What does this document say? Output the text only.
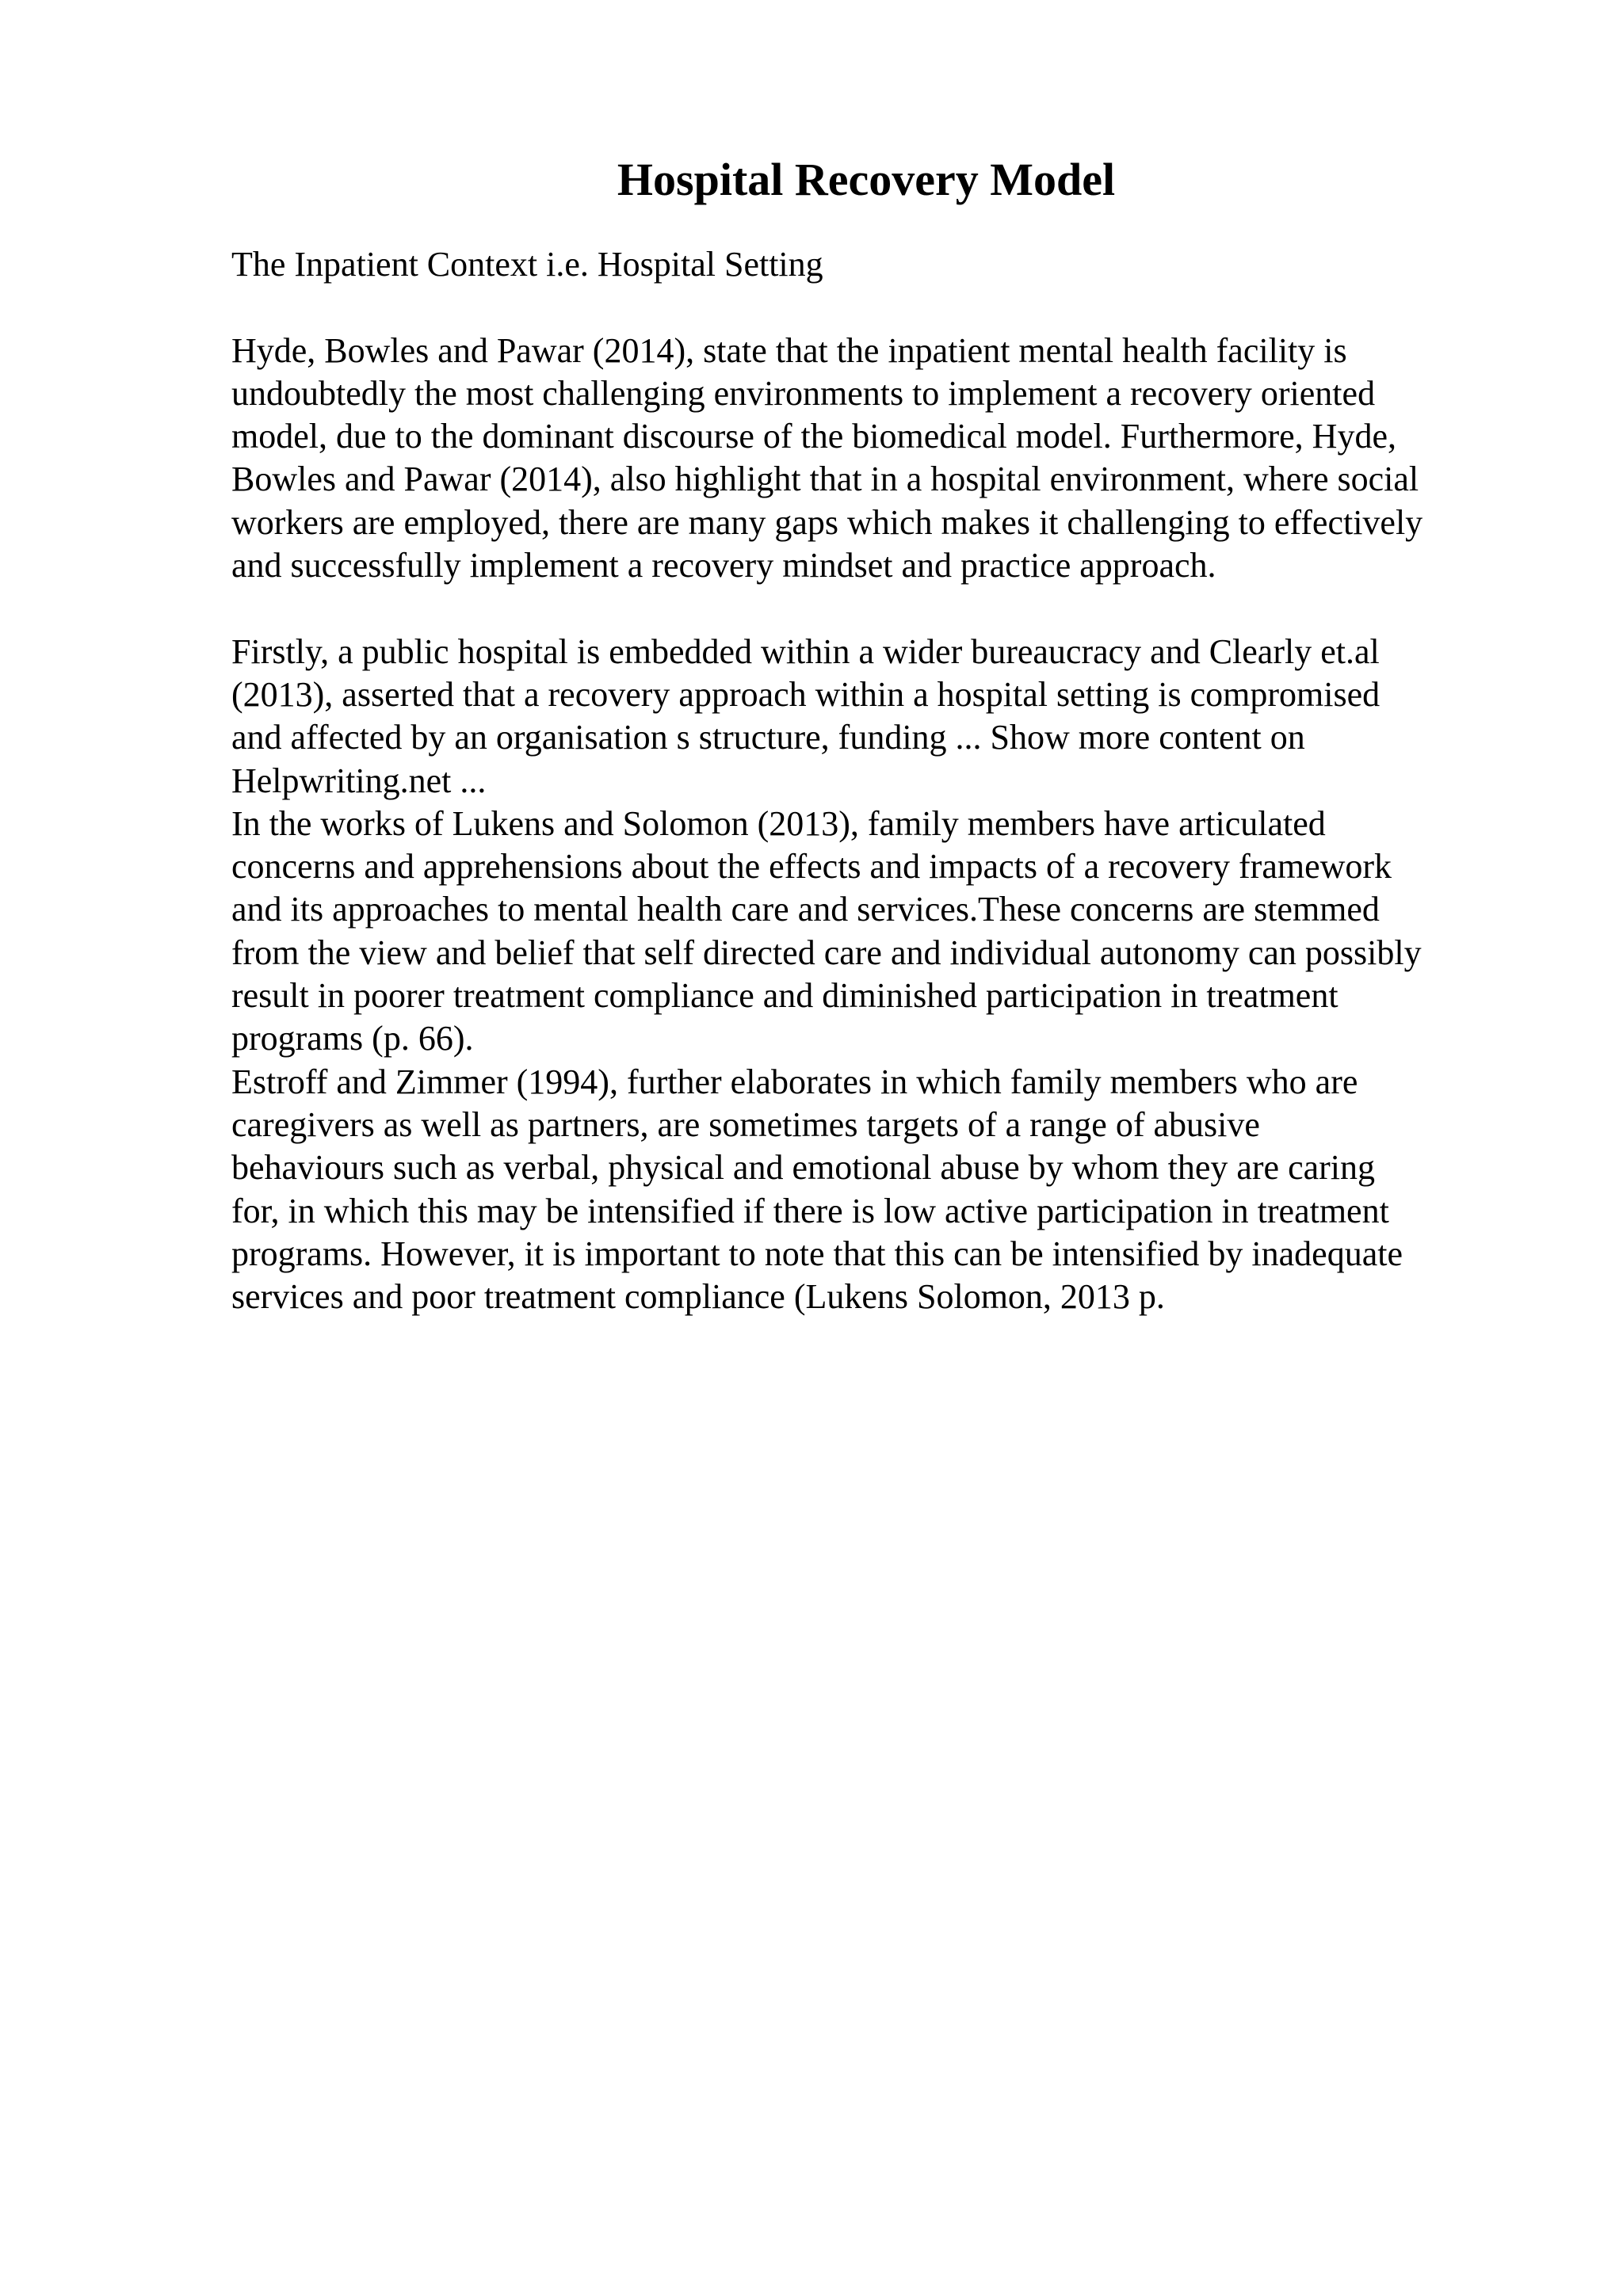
Hospital Recovery Model
The Inpatient Context i.e. Hospital Setting
Hyde, Bowles and Pawar (2014), state that the inpatient mental health facility is
undoubtedly the most challenging environments to implement a recovery oriented
model, due to the dominant discourse of the biomedical model. Furthermore, Hyde,
Bowles and Pawar (2014), also highlight that in a hospital environment, where social
workers are employed, there are many gaps which makes it challenging to effectively
and successfully implement a recovery mindset and practice approach.
Firstly, a public hospital is embedded within a wider bureaucracy and Clearly et.al
(2013), asserted that a recovery approach within a hospital setting is compromised
and affected by an organisation s structure, funding ... Show more content on
Helpwriting.net ...
In the works of Lukens and Solomon (2013), family members have articulated
concerns and apprehensions about the effects and impacts of a recovery framework
and its approaches to mental health care and services.These concerns are stemmed
from the view and belief that self directed care and individual autonomy can possibly
result in poorer treatment compliance and diminished participation in treatment
programs (p. 66).
Estroff and Zimmer (1994), further elaborates in which family members who are
caregivers as well as partners, are sometimes targets of a range of abusive
behaviours such as verbal, physical and emotional abuse by whom they are caring
for, in which this may be intensified if there is low active participation in treatment
programs. However, it is important to note that this can be intensified by inadequate
services and poor treatment compliance (Lukens Solomon, 2013 p.
